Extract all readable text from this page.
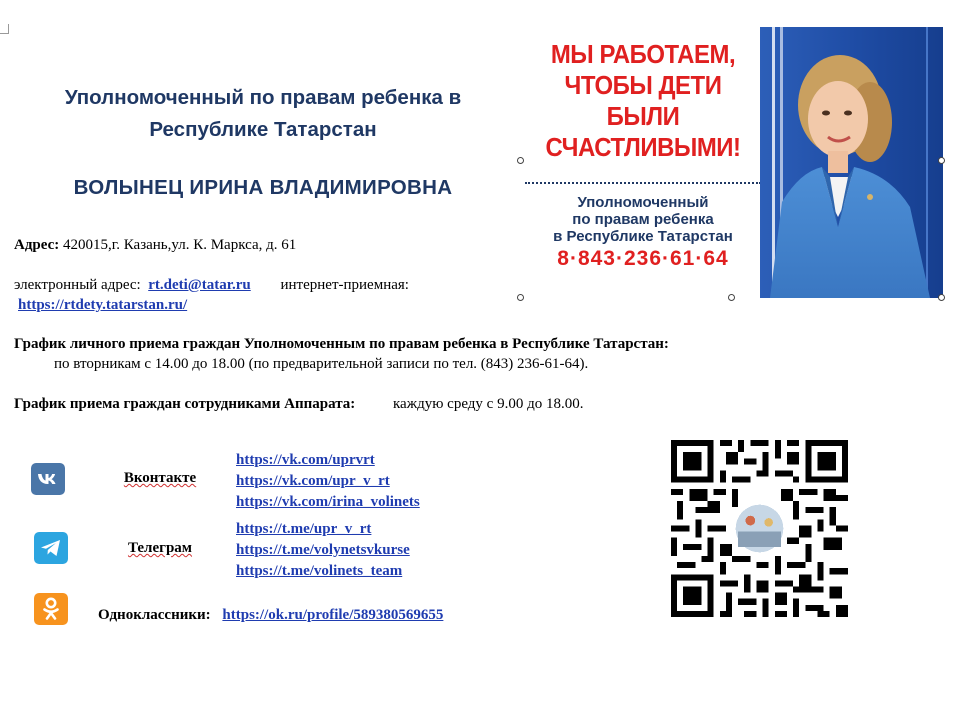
Уполномоченный по правам ребенка в
Республике Татарстан
ВОЛЫНЕЦ ИРИНА ВЛАДИМИРОВНА
Адрес: 420015,г. Казань,ул. К. Маркса, д. 61
электронный адрес: rt.deti@tatar.ru интернет-приемная:
https://rtdety.tatarstan.ru/
График личного приема граждан Уполномоченным по правам ребенка в Республике Татарстан:
по вторникам с 14.00 до 18.00 (по предварительной записи по тел. (843) 236-61-64).
График приема граждан сотрудниками Аппарата:	каждую среду с 9.00 до 18.00.
МЫ РАБОТАЕМ,
ЧТОБЫ ДЕТИ
БЫЛИ
СЧАСТЛИВЫМИ!
Уполномоченный
по правам ребенка
в Республике Татарстан
8·843·236·61·64
Вконтакте
https://vk.com/uprvrt
https://vk.com/upr_v_rt
https://vk.com/irina_volinets
Телеграм
https://t.me/upr_v_rt
https://t.me/volynetsvkurse
https://t.me/volinets_team
Одноклассники: https://ok.ru/profile/589380569655
